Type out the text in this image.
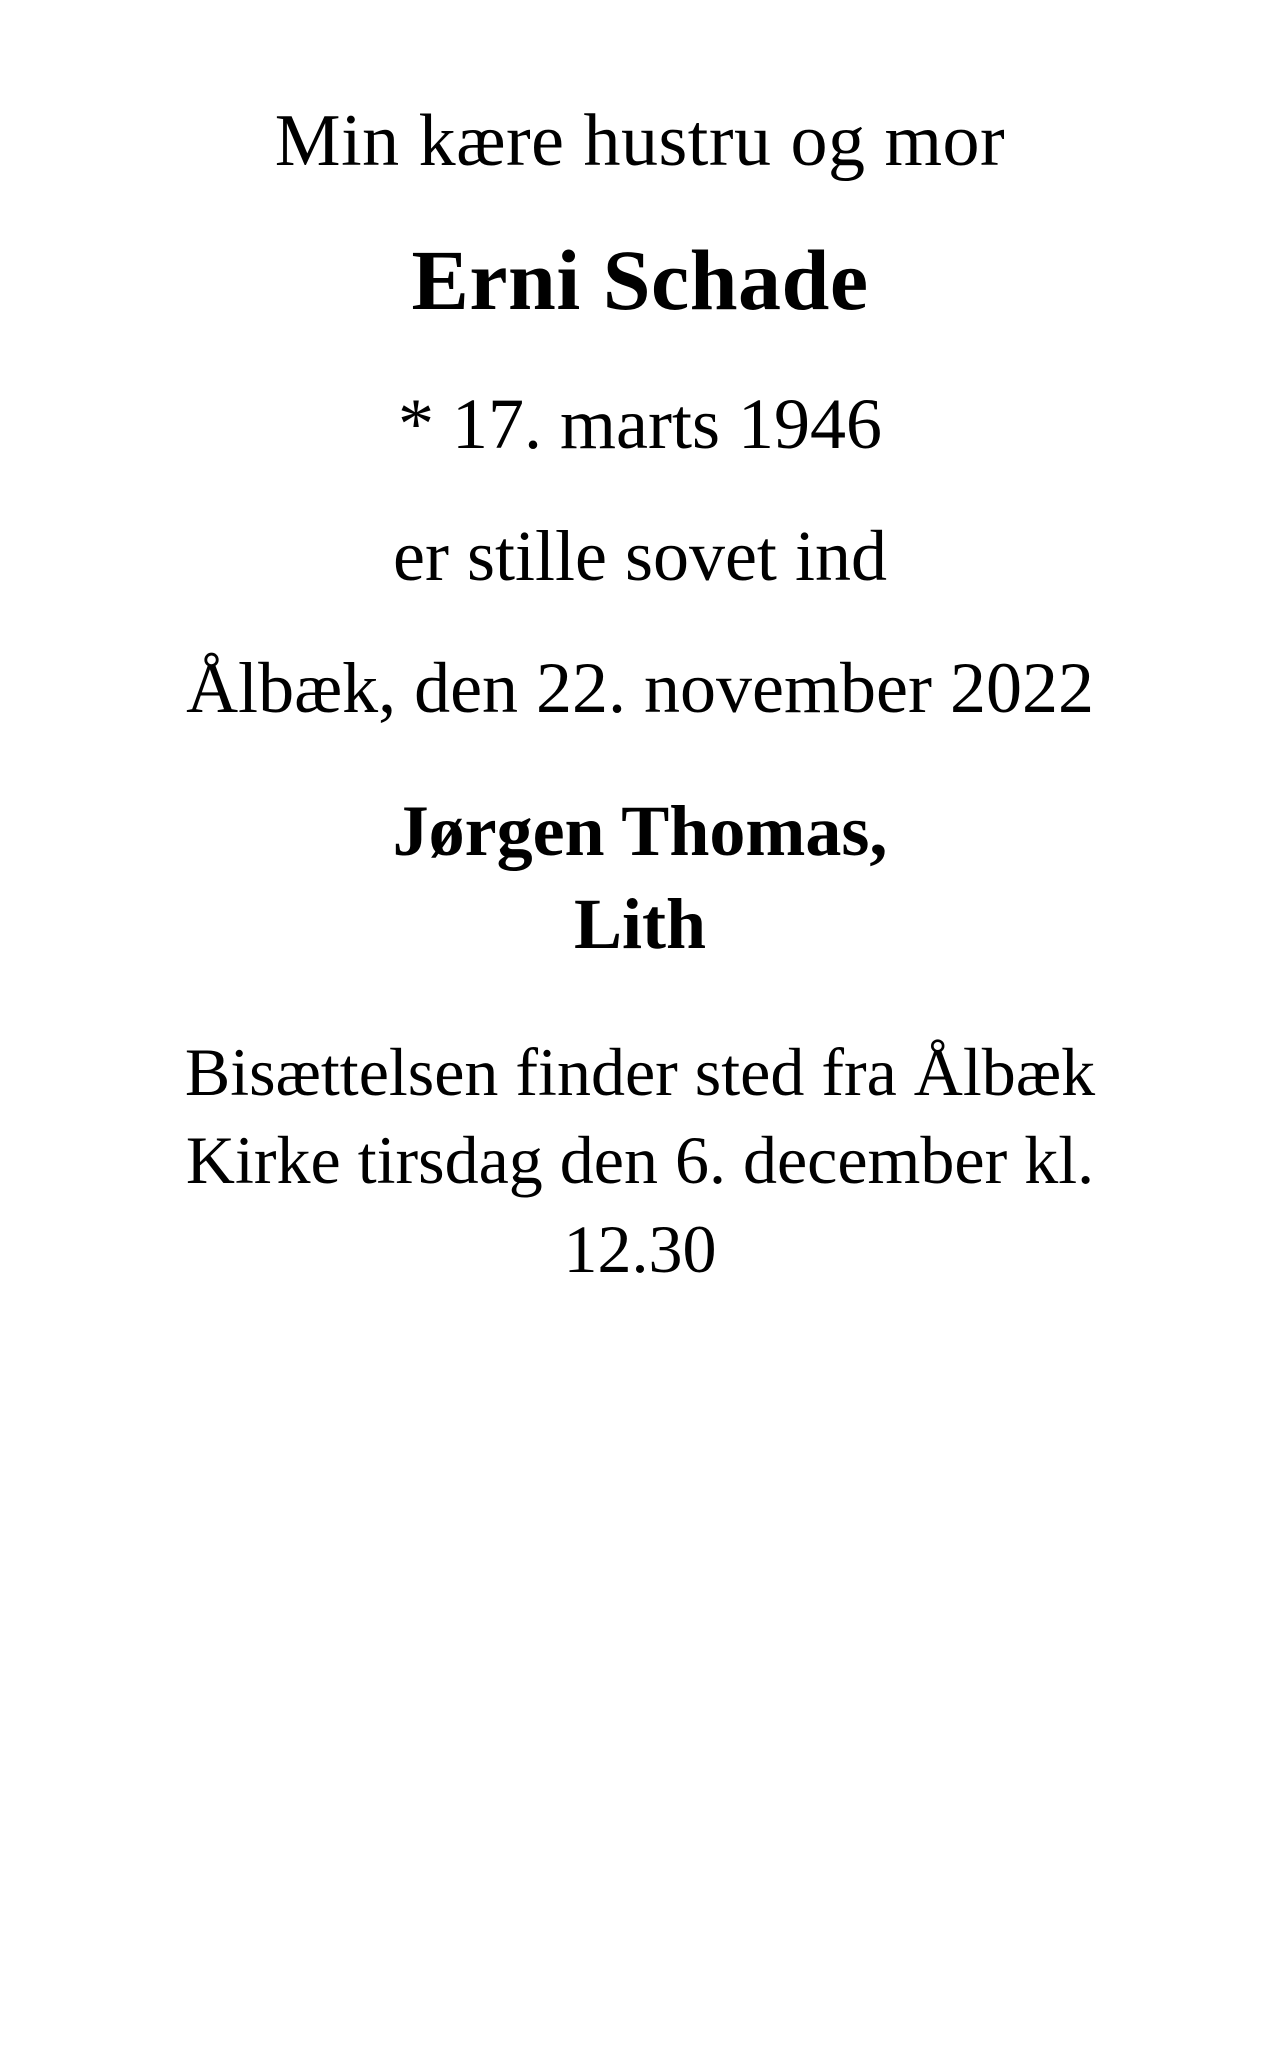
Min kære hustru og mor
Erni Schade
* 17. marts 1946
er stille sovet ind
Ålbæk, den 22. november 2022
Jørgen Thomas, Lith
Bisættelsen finder sted fra Ålbæk Kirke tirsdag den 6. december kl. 12.30
